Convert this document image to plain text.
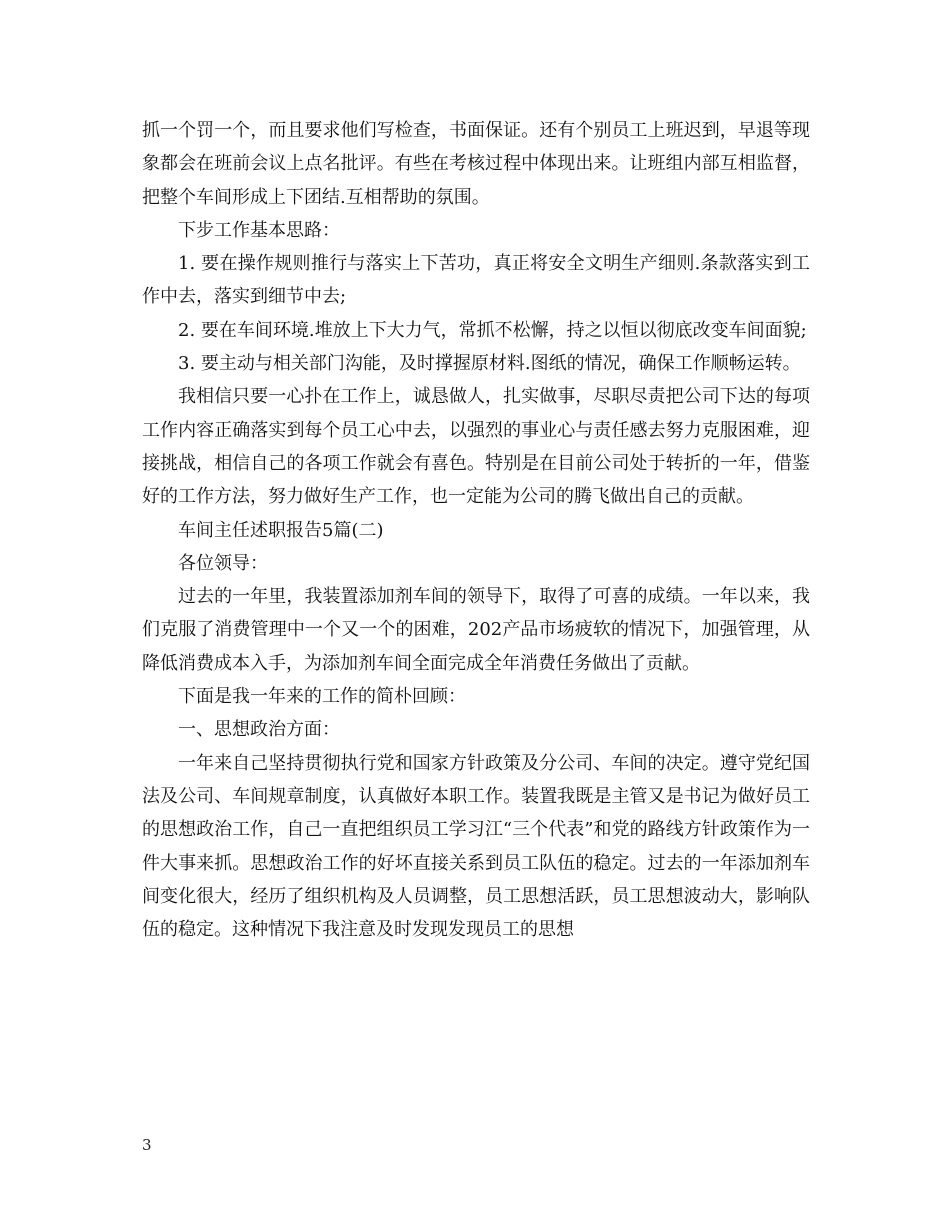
抓一个罚一个，而且要求他们写检查，书面保证。还有个别员工上班迟到，早退等现象都会在班前会议上点名批评。有些在考核过程中体现出来。让班组内部互相监督，把整个车间形成上下团结.互相帮助的氛围。

下步工作基本思路：

1. 要在操作规则推行与落实上下苦功，真正将安全文明生产细则.条款落实到工作中去，落实到细节中去;

2. 要在车间环境.堆放上下大力气，常抓不松懈，持之以恒以彻底改变车间面貌;

3. 要主动与相关部门沟能，及时撑握原材料.图纸的情况，确保工作顺畅运转。

我相信只要一心扑在工作上，诚恳做人，扎实做事，尽职尽责把公司下达的每项工作内容正确落实到每个员工心中去，以强烈的事业心与责任感去努力克服困难，迎接挑战，相信自己的各项工作就会有喜色。特别是在目前公司处于转折的一年，借鉴好的工作方法，努力做好生产工作，也一定能为公司的腾飞做出自己的贡献。

车间主任述职报告5篇(二)

各位领导：

过去的一年里，我装置添加剂车间的领导下，取得了可喜的成绩。一年以来，我们克服了消费管理中一个又一个的困难，202产品市场疲软的情况下，加强管理，从降低消费成本入手，为添加剂车间全面完成全年消费任务做出了贡献。

下面是我一年来的工作的简朴回顾：

一、思想政治方面：

一年来自己坚持贯彻执行党和国家方针政策及分公司、车间的决定。遵守党纪国法及公司、车间规章制度，认真做好本职工作。装置我既是主管又是书记为做好员工的思想政治工作，自己一直把组织员工学习江“三个代表”和党的路线方针政策作为一件大事来抓。思想政治工作的好坏直接关系到员工队伍的稳定。过去的一年添加剂车间变化很大，经历了组织机构及人员调整，员工思想活跃，员工思想波动大，影响队伍的稳定。这种情况下我注意及时发现发现员工的思想

3
